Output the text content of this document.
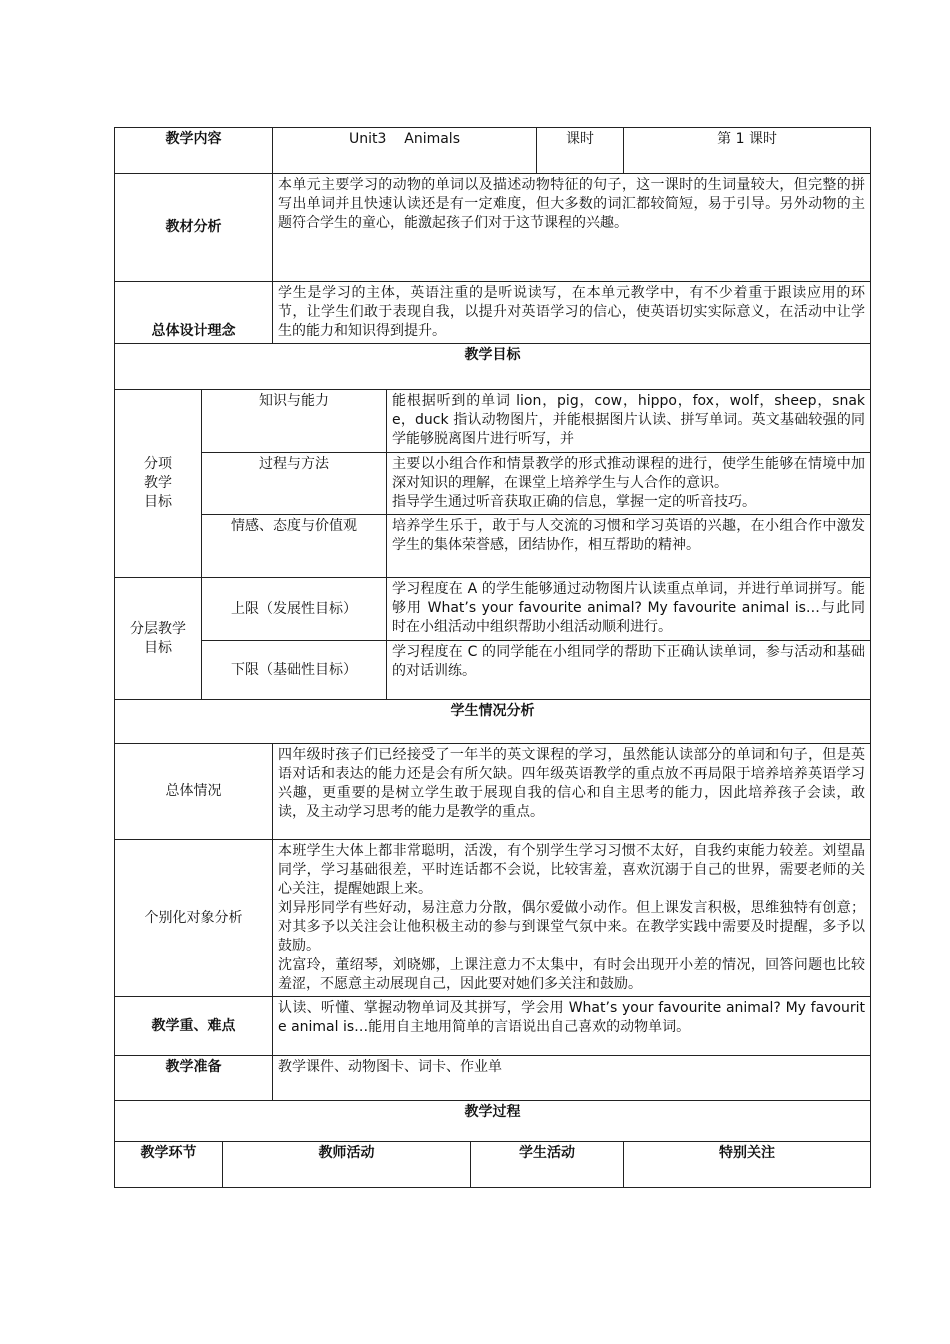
教学内容			Unit3    Animals			课时	第 1 课时
教材分析			本单元主要学习的动物的单词以及描述动物特征的句子，这一课时的生词量较大，但完整的拼写出单词并且快速认读还是有一定难度，但大多数的词汇都较简短，易于引导。另外动物的主题符合学生的童心，能激起孩子们对于这节课程的兴趣。				
总体设计理念			学生是学习的主体，英语注重的是听说读写，在本单元教学中，有不少着重于跟读应用的环节，让学生们敢于表现自我，以提升对英语学习的信心，使英语切实实际意义，在活动中让学生的能力和知识得到提升。				
教学目标							
分项
教学
目标	知识与能力			能根据听到的单词 lion，pig，cow，hippo，fox，wolf，sheep，snake，duck 指认动物图片，并能根据图片认读、拼写单词。英文基础较强的同学能够脱离图片进行听写，并			
	过程与方法			主要以小组合作和情景教学的形式推动课程的进行，使学生能够在情境中加深对知识的理解，在课堂上培养学生与人合作的意识。
指导学生通过听音获取正确的信息，掌握一定的听音技巧。			
	情感、态度与价值观			培养学生乐于，敢于与人交流的习惯和学习英语的兴趣，在小组合作中激发学生的集体荣誉感，团结协作，相互帮助的精神。			
分层教学
目标	上限（发展性目标）			学习程度在 A 的学生能够通过动物图片认读重点单词，并进行单词拼写。能够用 What’s your favourite animal? My favourite animal is…与此同时在小组活动中组织帮助小组活动顺利进行。			
	下限（基础性目标）			学习程度在 C 的同学能在小组同学的帮助下正确认读单词，参与活动和基础的对话训练。			
学生情况分析							
总体情况			四年级时孩子们已经接受了一年半的英文课程的学习，虽然能认读部分的单词和句子，但是英语对话和表达的能力还是会有所欠缺。四年级英语教学的重点放不再局限于培养培养英语学习兴趣，更重要的是树立学生敢于展现自我的信心和自主思考的能力，因此培养孩子会读，敢读，及主动学习思考的能力是教学的重点。				
个别化对象分析			本班学生大体上都非常聪明，活泼，有个别学生学习习惯不太好，自我约束能力较差。刘望晶同学，学习基础很差，平时连话都不会说，比较害羞，喜欢沉溺于自己的世界，需要老师的关心关注，提醒她跟上来。
刘异彤同学有些好动，易注意力分散，偶尔爱做小动作。但上课发言积极，思维独特有创意；对其多予以关注会让他积极主动的参与到课堂气氛中来。在教学实践中需要及时提醒，多予以鼓励。
沈富玲，董绍琴，刘晓娜，上课注意力不太集中，有时会出现开小差的情况，回答问题也比较羞涩，不愿意主动展现自己，因此要对她们多关注和鼓励。				
教学重、难点			认读、听懂、掌握动物单词及其拼写，学会用 What’s your favourite animal? My favourite animal is…能用自主地用简单的言语说出自己喜欢的动物单词。				
教学准备			教学课件、动物图卡、词卡、作业单				
教学过程							
教学环节		教师活动			学生活动		特别关注
